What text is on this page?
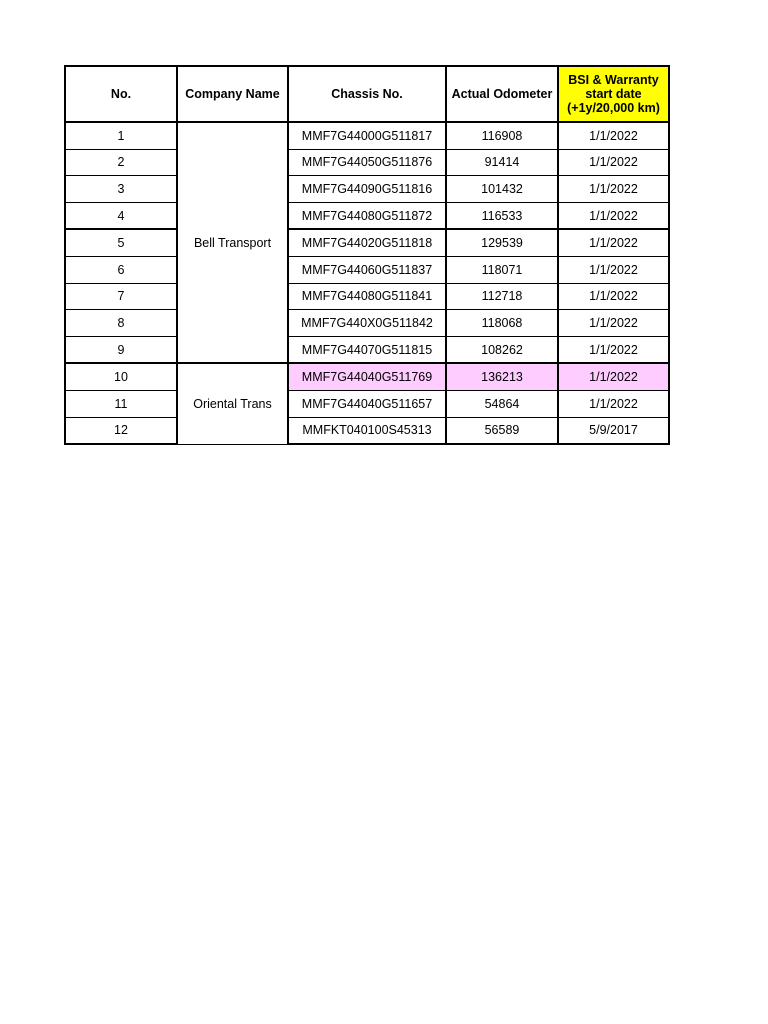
No.	Company Name	Chassis No.	Actual Odometer	BSI & Warranty start date (+1y/20,000 km)
1	Bell Transport	MMF7G44000G511817	116908	1/1/2022
2		MMF7G44050G511876	91414	1/1/2022
3		MMF7G44090G511816	101432	1/1/2022
4		MMF7G44080G511872	116533	1/1/2022
5		MMF7G44020G511818	129539	1/1/2022
6		MMF7G44060G511837	118071	1/1/2022
7		MMF7G44080G511841	112718	1/1/2022
8		MMF7G440X0G511842	118068	1/1/2022
9		MMF7G44070G511815	108262	1/1/2022
10	Oriental Trans	MMF7G44040G511769	136213	1/1/2022
11		MMF7G44040G511657	54864	1/1/2022
12		MMFKT040100S45313	56589	5/9/2017
